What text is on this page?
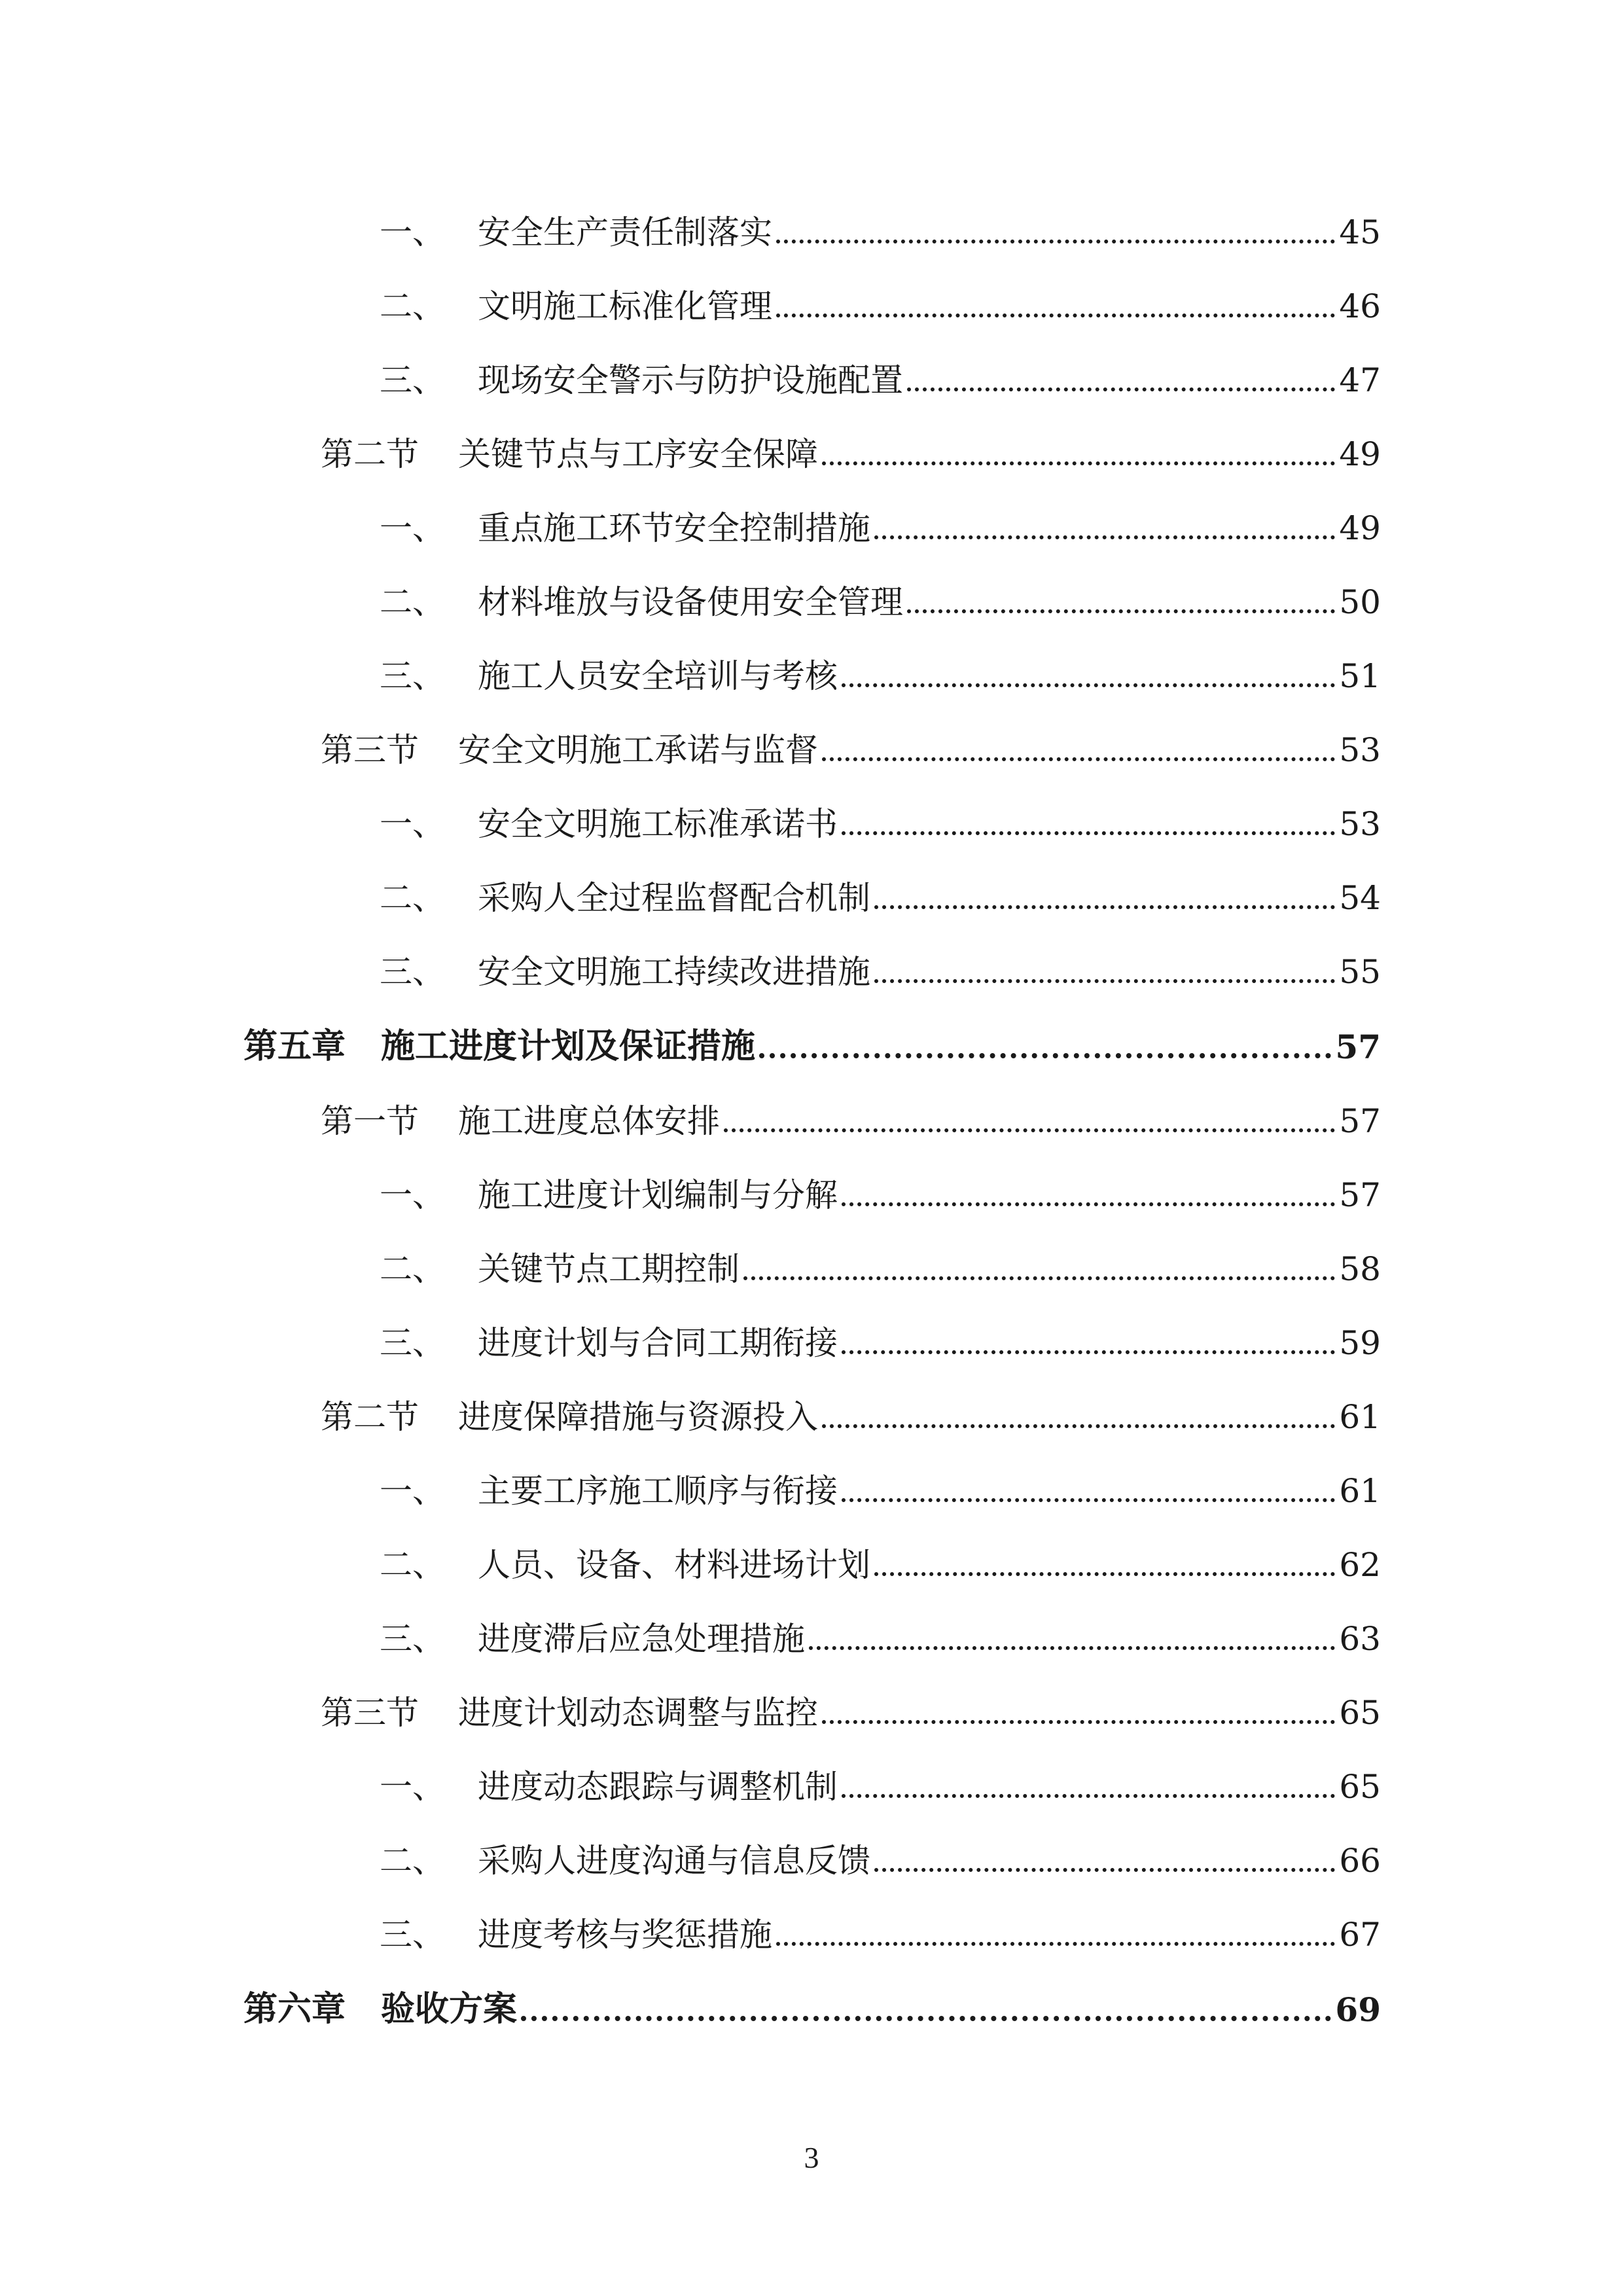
一、	安全生产责任制落实	45
二、	文明施工标准化管理	46
三、	现场安全警示与防护设施配置	47
第二节	关键节点与工序安全保障	49
一、	重点施工环节安全控制措施	49
二、	材料堆放与设备使用安全管理	50
三、	施工人员安全培训与考核	51
第三节	安全文明施工承诺与监督	53
一、	安全文明施工标准承诺书	53
二、	采购人全过程监督配合机制	54
三、	安全文明施工持续改进措施	55
第五章	施工进度计划及保证措施	57
第一节	施工进度总体安排	57
一、	施工进度计划编制与分解	57
二、	关键节点工期控制	58
三、	进度计划与合同工期衔接	59
第二节	进度保障措施与资源投入	61
一、	主要工序施工顺序与衔接	61
二、	人员、设备、材料进场计划	62
三、	进度滞后应急处理措施	63
第三节	进度计划动态调整与监控	65
一、	进度动态跟踪与调整机制	65
二、	采购人进度沟通与信息反馈	66
三、	进度考核与奖惩措施	67
第六章	验收方案	69
3
